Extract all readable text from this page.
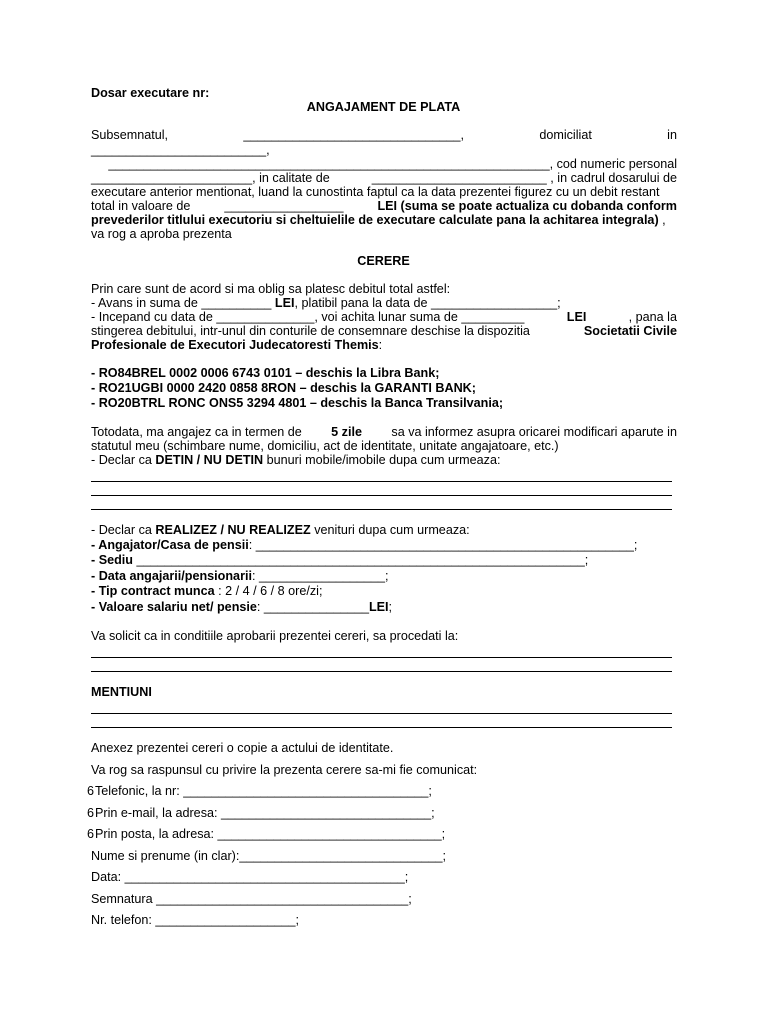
Dosar executare nr:
ANGAJAMENT DE PLATA
Subsemnatul,	_______________________________,	domiciliat	in
_________________________,
_______________________________________________________________, cod numeric personal
_______________________, in calitate de	_________________________ , in cadrul dosarului de
executare anterior mentionat, luand la cunostinta faptul ca la data prezentei figurez cu un debit restant
total in valoare de	_________________	LEI (suma se poate actualiza cu dobanda conform
prevederilor titlului executoriu si cheltuielile de executare calculate pana la achitarea integrala) ,
va rog a aproba prezenta
CERERE
Prin care sunt de acord si ma oblig sa platesc debitul total astfel:
- Avans in suma de __________ LEI, platibil pana la data de __________________;
- Incepand cu data de ______________, voi achita lunar suma de _________	LEI	, pana la
stingerea debitului, intr-unul din conturile de consemnare deschise la dispozitia	Societatii Civile
Profesionale de Executori Judecatoresti Themis:
- RO84BREL 0002 0006 6743 0101 – deschis la Libra Bank;
- RO21UGBI 0000 2420 0858 8RON – deschis la GARANTI BANK;
- RO20BTRL RONC ONS5 3294 4801 – deschis la Banca Transilvania;
Totodata, ma angajez ca in termen de 5 zile sa va informez asupra oricarei modificari aparute in
statutul meu (schimbare nume, domiciliu, act de identitate, unitate angajatoare, etc.)
- Declar ca DETIN / NU DETIN bunuri mobile/imobile dupa cum urmeaza:
- Declar ca REALIZEZ / NU REALIZEZ venituri dupa cum urmeaza:
- Angajator/Casa de pensii: ______________________________________________________;
- Sediu ________________________________________________________________;
- Data angajarii/pensionarii: __________________;
- Tip contract munca : 2 / 4 / 6 / 8 ore/zi;
- Valoare salariu net/ pensie: _______________LEI;
Va solicit ca in conditiile aprobarii prezentei cereri, sa procedati la:
MENTIUNI
Anexez prezentei cereri o copie a actului de identitate.
Va rog sa raspunsul cu privire la prezenta cerere sa-mi fie comunicat:
6Telefonic, la nr: ___________________________________;
6Prin e-mail, la adresa: ______________________________;
6Prin posta, la adresa: ________________________________;
Nume si prenume (in clar):_____________________________;
Data: ________________________________________;
Semnatura ____________________________________;
Nr. telefon: ____________________;
